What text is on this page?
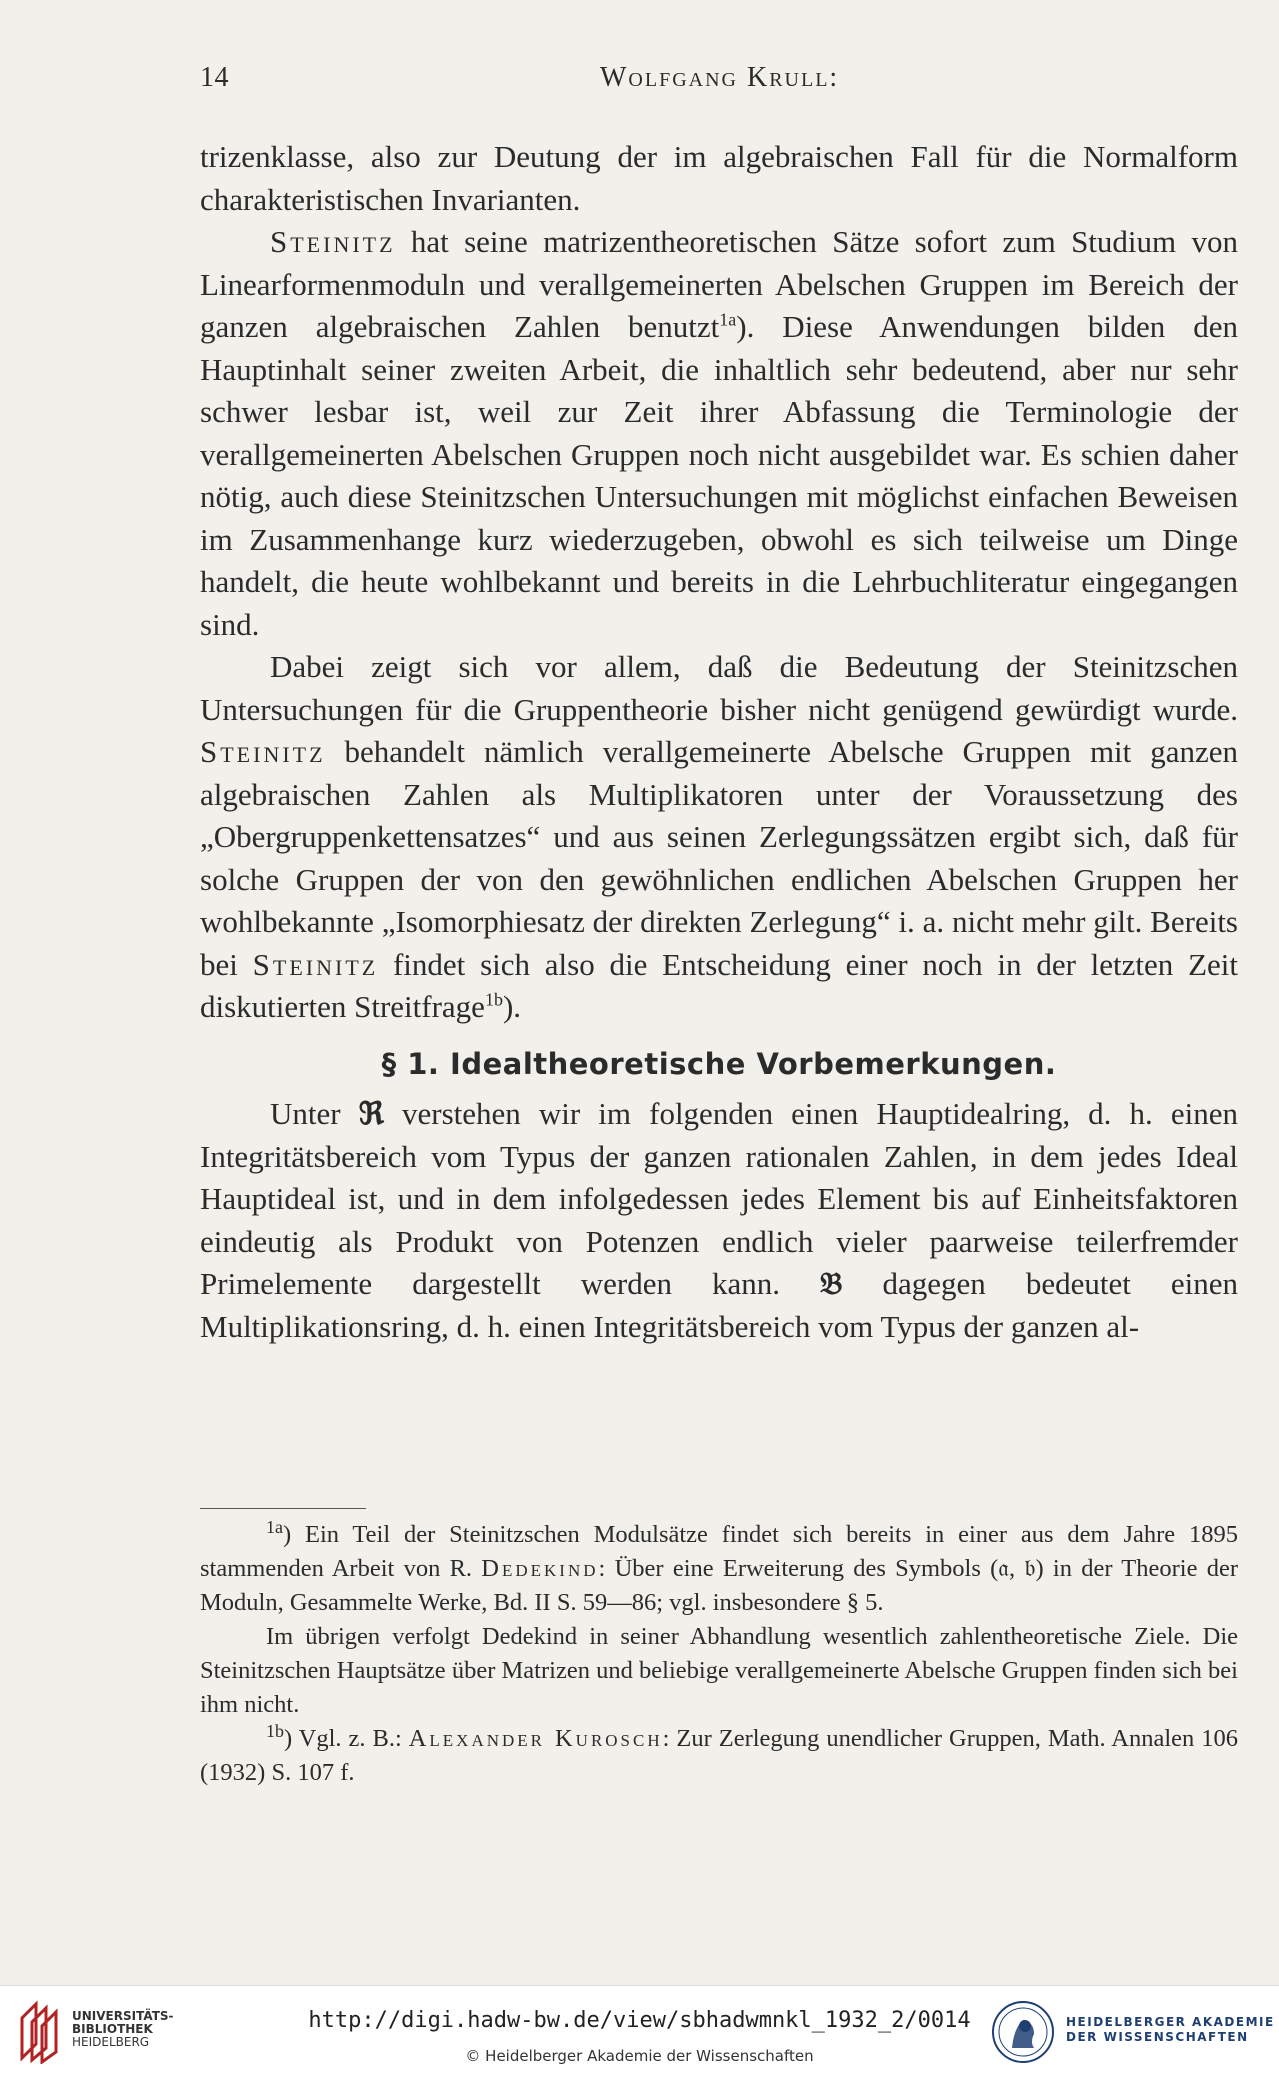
14	Wolfgang Krull:

trizenklasse, also zur Deutung der im algebraischen Fall für die Normalform charakteristischen Invarianten.

Steinitz hat seine matrizentheoretischen Sätze sofort zum Studium von Linearformenmoduln und verallgemeinerten Abelschen Gruppen im Bereich der ganzen algebraischen Zahlen benutzt$^{1a}$). Diese Anwendungen bilden den Hauptinhalt seiner zweiten Arbeit, die inhaltlich sehr bedeutend, aber nur sehr schwer lesbar ist, weil zur Zeit ihrer Abfassung die Terminologie der verallgemeinerten Abelschen Gruppen noch nicht ausgebildet war. Es schien daher nötig, auch diese Steinitzschen Untersuchungen mit möglichst einfachen Beweisen im Zusammenhange kurz wiederzugeben, obwohl es sich teilweise um Dinge handelt, die heute wohlbekannt und bereits in die Lehrbuchliteratur eingegangen sind.

Dabei zeigt sich vor allem, daß die Bedeutung der Steinitzschen Untersuchungen für die Gruppentheorie bisher nicht genügend gewürdigt wurde. Steinitz behandelt nämlich verallgemeinerte Abelsche Gruppen mit ganzen algebraischen Zahlen als Multiplikatoren unter der Voraussetzung des „Obergruppenkettensatzes“ und aus seinen Zerlegungssätzen ergibt sich, daß für solche Gruppen der von den gewöhnlichen endlichen Abelschen Gruppen her wohlbekannte „Isomorphiesatz der direkten Zerlegung“ i. a. nicht mehr gilt. Bereits bei Steinitz findet sich also die Entscheidung einer noch in der letzten Zeit diskutierten Streitfrage$^{1b}$).

§ 1. Idealtheoretische Vorbemerkungen.

Unter ℜ verstehen wir im folgenden einen Hauptidealring, d. h. einen Integritätsbereich vom Typus der ganzen rationalen Zahlen, in dem jedes Ideal Hauptideal ist, und in dem infolgedessen jedes Element bis auf Einheitsfaktoren eindeutig als Produkt von Potenzen endlich vieler paarweise teilerfremder Primelemente dargestellt werden kann. 𝔅 dagegen bedeutet einen Multiplikationsring, d. h. einen Integritätsbereich vom Typus der ganzen al-

$^{1a}$) Ein Teil der Steinitzschen Modulsätze findet sich bereits in einer aus dem Jahre 1895 stammenden Arbeit von R. Dedekind: Über eine Erweiterung des Symbols (𝔞, 𝔟) in der Theorie der Moduln, Gesammelte Werke, Bd. II S. 59—86; vgl. insbesondere § 5.

Im übrigen verfolgt Dedekind in seiner Abhandlung wesentlich zahlentheoretische Ziele. Die Steinitzschen Hauptsätze über Matrizen und beliebige verallgemeinerte Abelsche Gruppen finden sich bei ihm nicht.

$^{1b}$) Vgl. z. B.: Alexander Kurosch: Zur Zerlegung unendlicher Gruppen, Math. Annalen 106 (1932) S. 107 f.

UNIVERSITÄTS-
BIBLIOTHEK
HEIDELBERG
http://digi.hadw-bw.de/view/sbhadwmnkl_1932_2/0014
© Heidelberger Akademie der Wissenschaften
HEIDELBERGER AKADEMIE
DER WISSENSCHAFTEN
